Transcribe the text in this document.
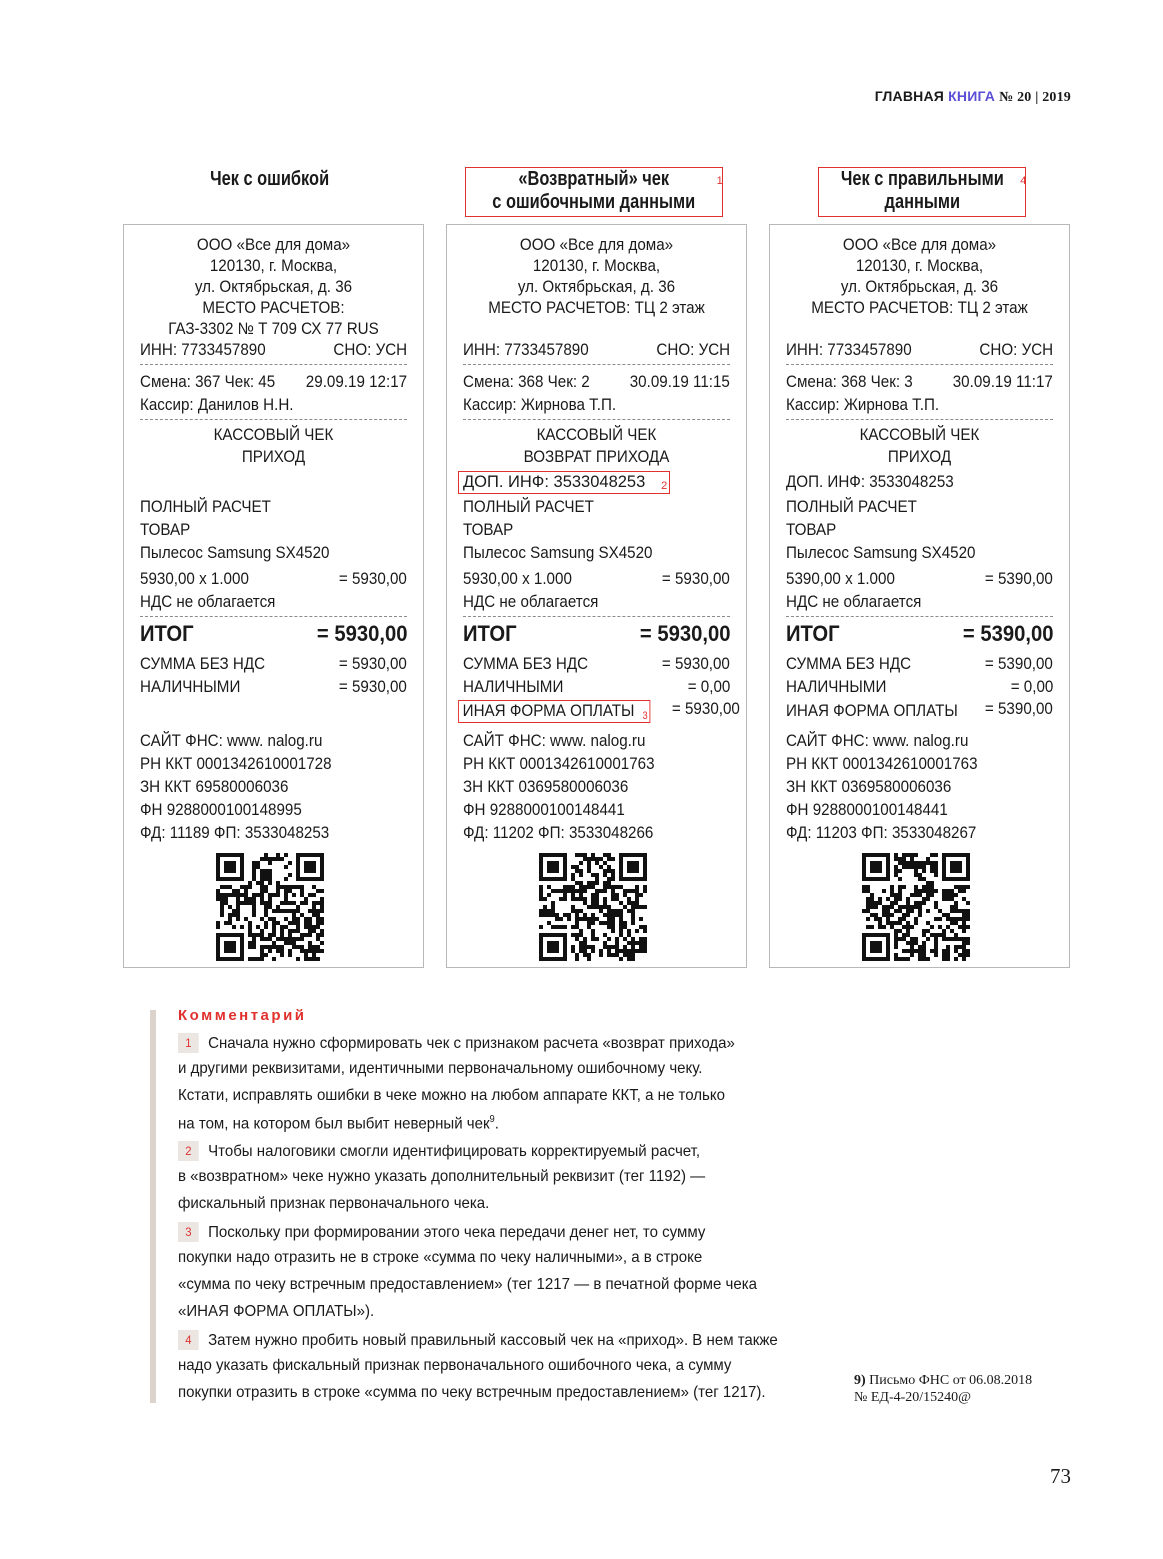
ГЛАВНАЯ КНИГА № 20 | 2019
Чек с ошибкой
ООО «Все для дома»
120130, г. Москва,
ул. Октябрьская, д. 36
МЕСТО РАСЧЕТОВ:
ГАЗ-3302 № Т 709 СХ 77 RUS
ИНН: 7733457890	СНО: УСН
Смена: 367 Чек: 45 29.09.19 12:17
Кассир: Данилов Н.Н.
КАССОВЫЙ ЧЕК
ПРИХОД
ПОЛНЫЙ РАСЧЕТ
ТОВАР
Пылесос Samsung SX4520
5930,00 х 1.000	= 5930,00
НДС не облагается
ИТОГ	= 5930,00
СУММА БЕЗ НДС	= 5930,00
НАЛИЧНЫМИ	= 5930,00
САЙТ ФНС: www. nalog.ru
РН ККТ 0001342610001728
ЗН ККТ 69580006036
ФН 9288000100148995
ФД: 11189 ФП: 3533048253
«Возвратный» чек
с ошибочными данными
1
ООО «Все для дома»
120130, г. Москва,
ул. Октябрьская, д. 36
МЕСТО РАСЧЕТОВ: ТЦ 2 этаж
ИНН: 7733457890	СНО: УСН
Смена: 368 Чек: 2 30.09.19 11:15
Кассир: Жирнова Т.П.
КАССОВЫЙ ЧЕК
ВОЗВРАТ ПРИХОДА
ДОП. ИНФ: 3533048253 2
ПОЛНЫЙ РАСЧЕТ
ТОВАР
Пылесос Samsung SX4520
5930,00 х 1.000	= 5930,00
НДС не облагается
ИТОГ	= 5930,00
СУММА БЕЗ НДС	= 5930,00
НАЛИЧНЫМИ	= 0,00
ИНАЯ ФОРМА ОПЛАТЫ 3 = 5930,00
САЙТ ФНС: www. nalog.ru
РН ККТ 0001342610001763
ЗН ККТ 0369580006036
ФН 9288000100148441
ФД: 11202 ФП: 3533048266
Чек с правильными
данными
4
ООО «Все для дома»
120130, г. Москва,
ул. Октябрьская, д. 36
МЕСТО РАСЧЕТОВ: ТЦ 2 этаж
ИНН: 7733457890	СНО: УСН
Смена: 368 Чек: 3 30.09.19 11:17
Кассир: Жирнова Т.П.
КАССОВЫЙ ЧЕК
ПРИХОД
ДОП. ИНФ: 3533048253
ПОЛНЫЙ РАСЧЕТ
ТОВАР
Пылесос Samsung SX4520
5390,00 х 1.000	= 5390,00
НДС не облагается
ИТОГ	= 5390,00
СУММА БЕЗ НДС	= 5390,00
НАЛИЧНЫМИ	= 0,00
ИНАЯ ФОРМА ОПЛАТЫ = 5390,00
САЙТ ФНС: www. nalog.ru
РН ККТ 0001342610001763
ЗН ККТ 0369580006036
ФН 9288000100148441
ФД: 11203 ФП: 3533048267
Комментарий
1 Сначала нужно сформировать чек с признаком расчета «возврат прихода»
и другими реквизитами, идентичными первоначальному ошибочному чеку.
Кстати, исправлять ошибки в чеке можно на любом аппарате ККТ, а не только
на том, на котором был выбит неверный чек$^9$.
2 Чтобы налоговики смогли идентифицировать корректируемый расчет,
в «возвратном» чеке нужно указать дополнительный реквизит (тег 1192) —
фискальный признак первоначального чека.
3 Поскольку при формировании этого чека передачи денег нет, то сумму
покупки надо отразить не в строке «сумма по чеку наличными», а в строке
«сумма по чеку встречным предоставлением» (тег 1217 — в печатной форме чека
«ИНАЯ ФОРМА ОПЛАТЫ»).
4 Затем нужно пробить новый правильный кассовый чек на «приход». В нем также
надо указать фискальный признак первоначального ошибочного чека, а сумму
покупки отразить в строке «сумма по чеку встречным предоставлением» (тег 1217).
9) Письмо ФНС от 06.08.2018
№ ЕД-4-20/15240@
73
